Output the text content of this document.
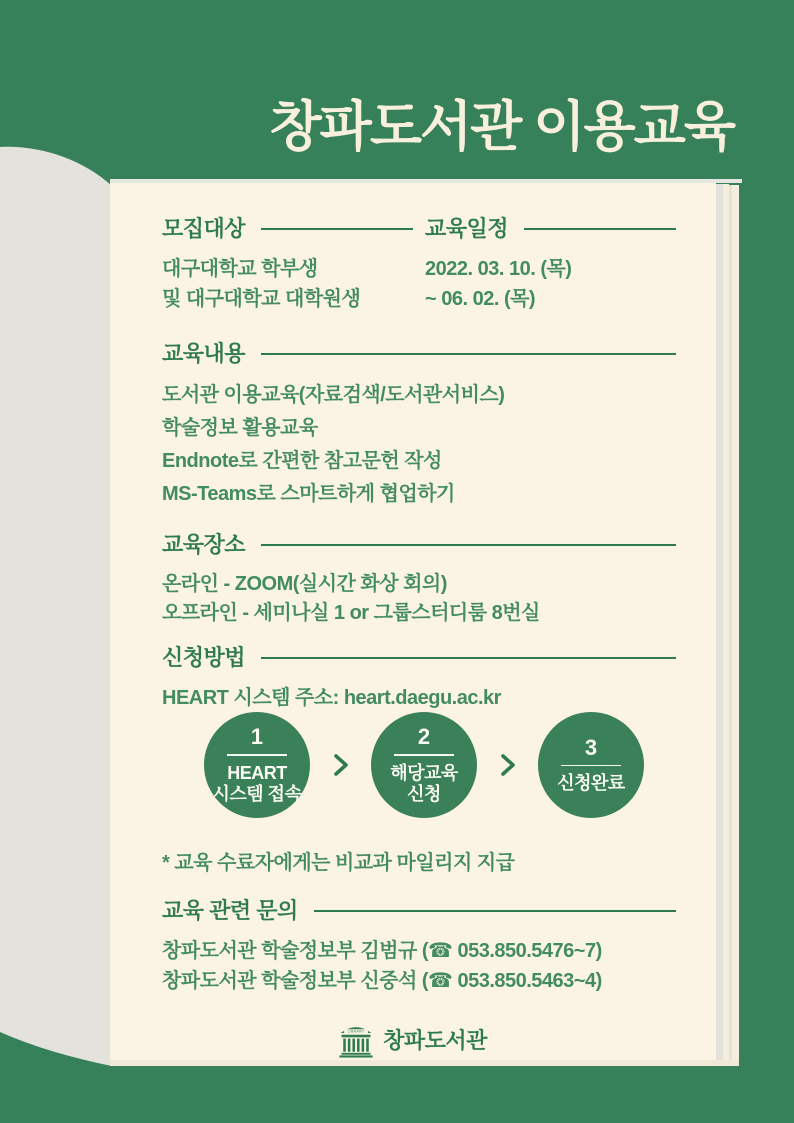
창파도서관 이용교육
모집대상

대구대학교 학부생

및 대구대학교 대학원생

교육일정

2022. 03. 10. (목)

~ 06. 02. (목)

교육내용

도서관 이용교육(자료검색/도서관서비스)

학술정보 활용교육

Endnote로 간편한 참고문헌 작성

MS-Teams로 스마트하게 협업하기

교육장소

온라인 - ZOOM(실시간 화상 회의)

오프라인 - 세미나실 1 or 그룹스터디룸 8번실

신청방법

HEART 시스템 주소: heart.daegu.ac.kr

1
HEART
시스템 접속
2
해당교육
신청
3
신청완료

* 교육 수료자에게는 비교과 마일리지 지급

교육 관련 문의

창파도서관 학술정보부 김범규 (☎ 053.850.5476~7)

창파도서관 학술정보부 신중석 (☎ 053.850.5463~4)

LIBRARY 창파도서관
